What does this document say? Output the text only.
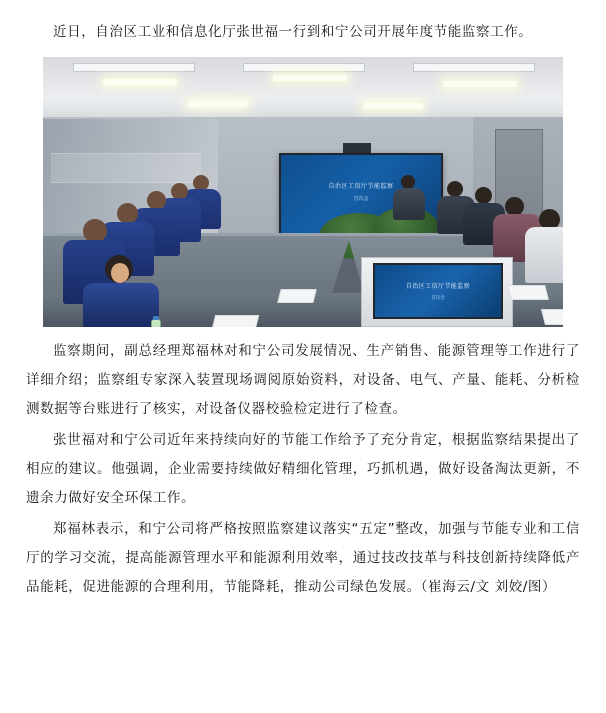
近日，自治区工业和信息化厅张世福一行到和宁公司开展年度节能监察工作。

自治区工信厅节能监察
首次会
自治区工信厅节能监察
首次会

监察期间，副总经理郑福林对和宁公司发展情况、生产销售、能源管理等工作进行了详细介绍；监察组专家深入装置现场调阅原始资料，对设备、电气、产量、能耗、分析检测数据等台账进行了核实，对设备仪器校验检定进行了检查。

张世福对和宁公司近年来持续向好的节能工作给予了充分肯定，根据监察结果提出了相应的建议。他强调，企业需要持续做好精细化管理，巧抓机遇，做好设备淘汰更新，不遗余力做好安全环保工作。

郑福林表示，和宁公司将严格按照监察建议落实“五定”整改，加强与节能专业和工信厅的学习交流，提高能源管理水平和能源利用效率，通过技改技革与科技创新持续降低产品能耗，促进能源的合理利用，节能降耗，推动公司绿色发展。（崔海云/文 刘姣/图）
